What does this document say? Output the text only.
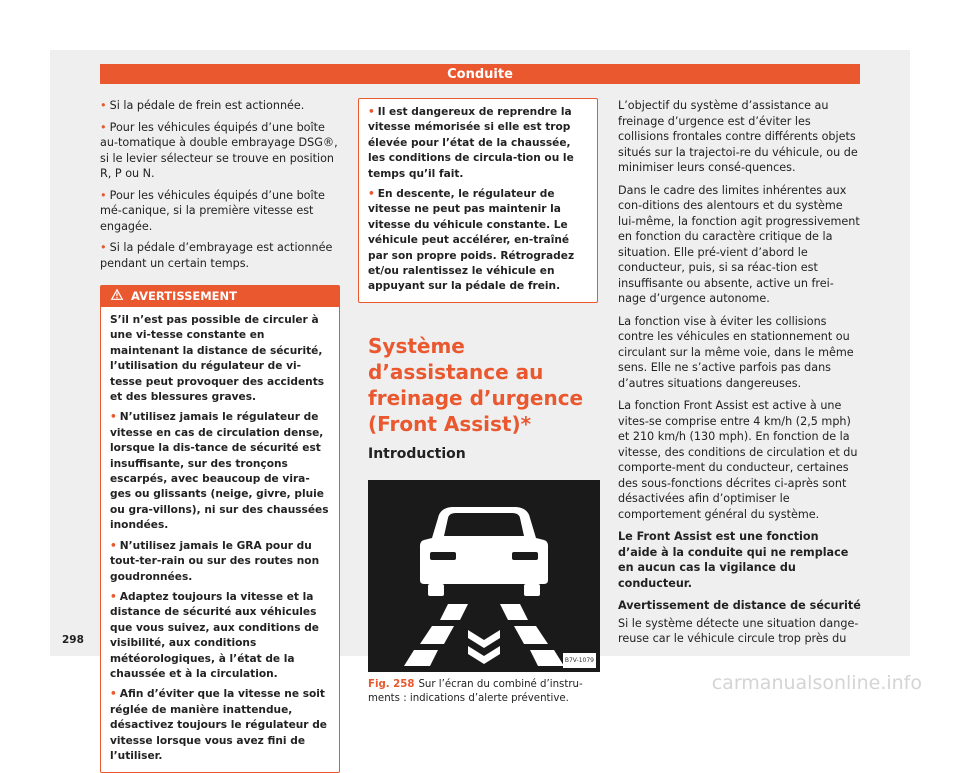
Conduite
• Si la pédale de frein est actionnée.
• Pour les véhicules équipés d’une boîte au-tomatique à double embrayage DSG®, si le levier sélecteur se trouve en position R, P ou N.
• Pour les véhicules équipés d’une boîte mé-canique, si la première vitesse est engagée.
• Si la pédale d’embrayage est actionnée pendant un certain temps.
AVERTISSEMENT

S’il n’est pas possible de circuler à une vi-tesse constante en maintenant la distance de sécurité, l’utilisation du régulateur de vi-tesse peut provoquer des accidents et des blessures graves.

• N’utilisez jamais le régulateur de vitesse en cas de circulation dense, lorsque la dis-tance de sécurité est insuffisante, sur des tronçons escarpés, avec beaucoup de vira-ges ou glissants (neige, givre, pluie ou gra-villons), ni sur des chaussées inondées.

• N’utilisez jamais le GRA pour du tout-ter-rain ou sur des routes non goudronnées.

• Adaptez toujours la vitesse et la distance de sécurité aux véhicules que vous suivez, aux conditions de visibilité, aux conditions météorologiques, à l’état de la chaussée et à la circulation.

• Afin d’éviter que la vitesse ne soit réglée de manière inattendue, désactivez toujours le régulateur de vitesse lorsque vous avez fini de l’utiliser.

• Il est dangereux de reprendre la vitesse mémorisée si elle est trop élevée pour l’état de la chaussée, les conditions de circula-tion ou le temps qu’il fait.

• En descente, le régulateur de vitesse ne peut pas maintenir la vitesse du véhicule constante. Le véhicule peut accélérer, en-traîné par son propre poids. Rétrogradez et/ou ralentissez le véhicule en appuyant sur la pédale de frein.

Système d’assistance au freinage d’urgence (Front Assist)*
Introduction
B7V-1079
Fig. 258 Sur l’écran du combiné d’instru-ments : indications d’alerte préventive.

L’objectif du système d’assistance au freinage d’urgence est d’éviter les collisions frontales contre différents objets situés sur la trajectoi-re du véhicule, ou de minimiser leurs consé-quences.

Dans le cadre des limites inhérentes aux con-ditions des alentours et du système lui-même, la fonction agit progressivement en fonction du caractère critique de la situation. Elle pré-vient d’abord le conducteur, puis, si sa réac-tion est insuffisante ou absente, active un frei-nage d’urgence autonome.

La fonction vise à éviter les collisions contre les véhicules en stationnement ou circulant sur la même voie, dans le même sens. Elle ne s’active parfois pas dans d’autres situations dangereuses.

La fonction Front Assist est active à une vites-se comprise entre 4 km/h (2,5 mph) et 210 km/h (130 mph). En fonction de la vitesse, des conditions de circulation et du comporte-ment du conducteur, certaines des sous-fonctions décrites ci-après sont désactivées afin d’optimiser le comportement général du système.

Le Front Assist est une fonction d’aide à la conduite qui ne remplace en aucun cas la vigilance du conducteur.

Avertissement de distance de sécurité

Si le système détecte une situation dange-reuse car le véhicule circule trop près du

298
carmanualsonline.info
